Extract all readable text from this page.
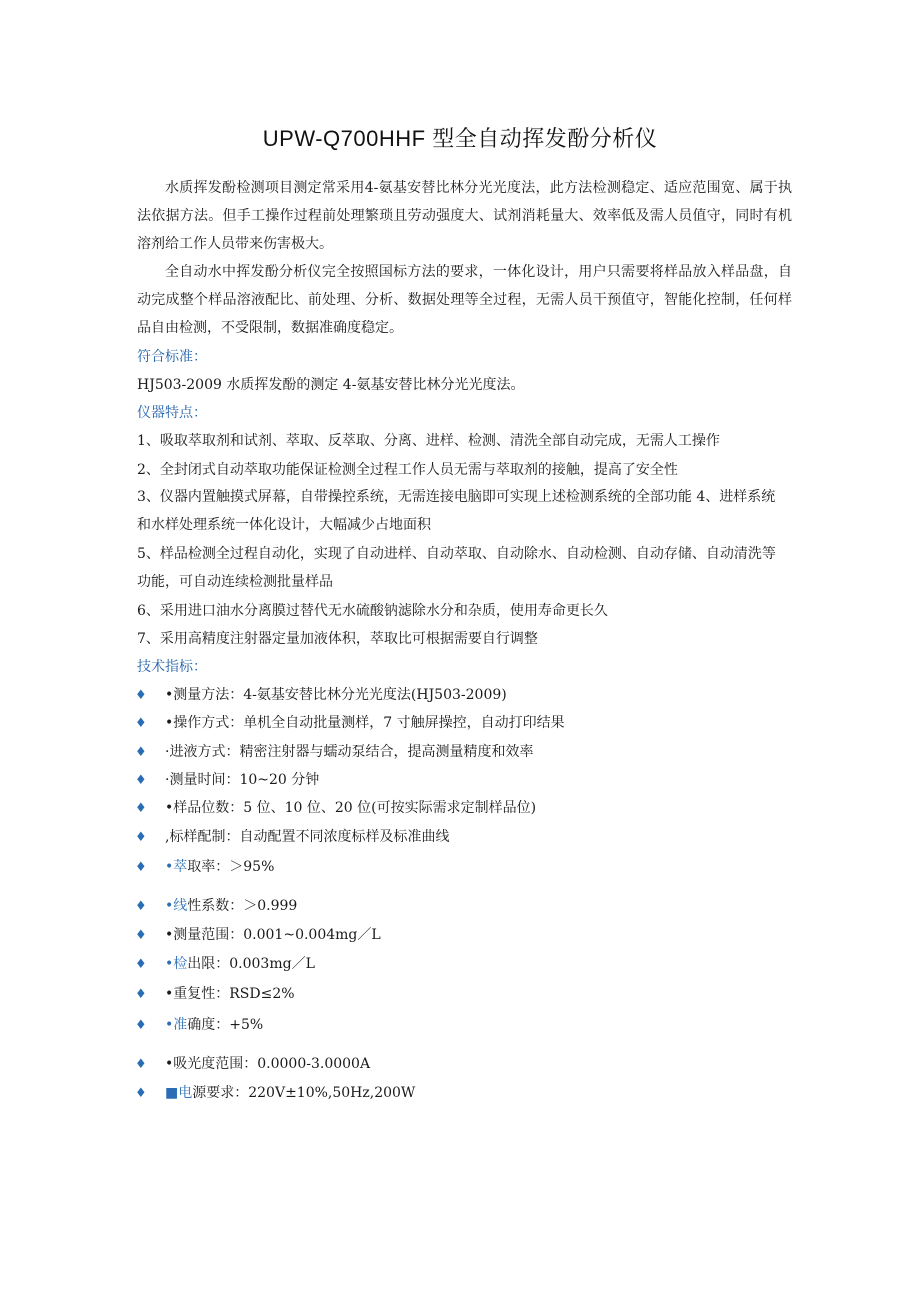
UPW-Q700HHF 型全自动挥发酚分析仪
水质挥发酚检测项目测定常采用4-氨基安替比林分光光度法，此方法检测稳定、适应范围宽、属于执法依据方法。但手工操作过程前处理繁琐且劳动强度大、试剂消耗量大、效率低及需人员值守，同时有机溶剂给工作人员带来伤害极大。
全自动水中挥发酚分析仪完全按照国标方法的要求，一体化设计，用户只需要将样品放入样品盘，自动完成整个样品溶液配比、前处理、分析、数据处理等全过程，无需人员干预值守，智能化控制，任何样品自由检测，不受限制，数据准确度稳定。
符合标准：
HJ503-2009 水质挥发酚的测定 4-氨基安替比林分光光度法。
仪器特点：
1、吸取萃取剂和试剂、萃取、反萃取、分离、进样、检测、清洗全部自动完成，无需人工操作
2、全封闭式自动萃取功能保证检测全过程工作人员无需与萃取剂的接触，提高了安全性
3、仪器内置触摸式屏幕，自带操控系统，无需连接电脑即可实现上述检测系统的全部功能 4、进样系统和水样处理系统一体化设计，大幅减少占地面积
5、样品检测全过程自动化，实现了自动进样、自动萃取、自动除水、自动检测、自动存储、自动清洗等功能，可自动连续检测批量样品
6、采用进口油水分离膜过替代无水硫酸钠滤除水分和杂质，使用寿命更长久
7、采用高精度注射器定量加液体积，萃取比可根据需要自行调整
技术指标：
♦ •测量方法：4-氨基安替比林分光光度法(HJ503-2009)
♦ •操作方式：单机全自动批量测样，7 寸触屏操控，自动打印结果
♦ ·进液方式：精密注射器与蠕动泵结合，提高测量精度和效率
♦ ·测量时间：10~20 分钟
♦ •样品位数：5 位、10 位、20 位(可按实际需求定制样品位)
♦ ,标样配制：自动配置不同浓度标样及标准曲线
♦ •萃取率：＞95%
♦ •线性系数：＞0.999
♦ •测量范围：0.001~0.004mg／L
♦ •检出限：0.003mg／L
♦ •重复性：RSD≤2%
♦ •准确度：+5%
♦ •吸光度范围：0.0000-3.0000A
♦ ■电源要求：220V±10%,50Hz,200W
